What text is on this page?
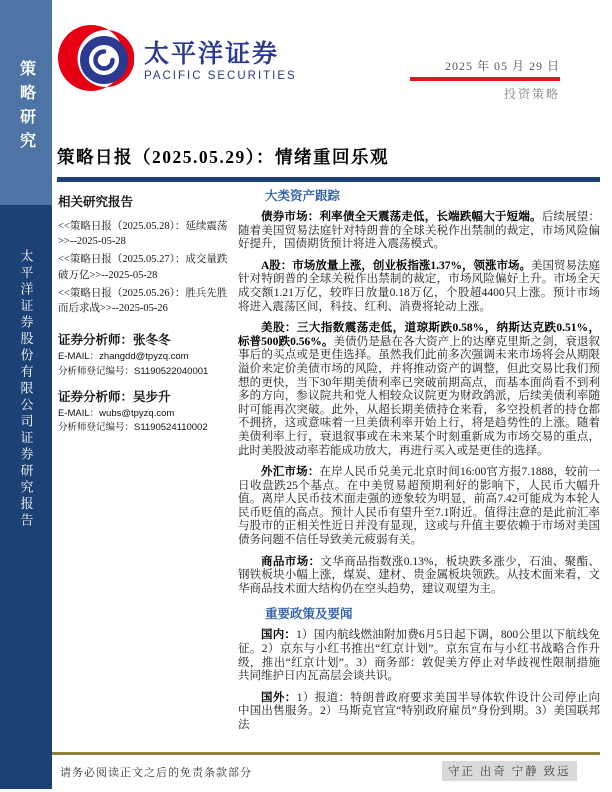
策略研究
太平洋证券股份有限公司证券研究报告
太平洋证券
PACIFIC SECURITIES
2025 年 05 月 29 日
投资策略
策略日报（2025.05.29）：情绪重回乐观
相关研究报告
<<策略日报（2025.05.28）：延续震荡>>--2025-05-28
<<策略日报（2025.05.27）：成交量跌破万亿>>--2025-05-28
<<策略日报（2025.05.26）：胜兵先胜而后求战>>--2025-05-26
证券分析师：张冬冬
E-MAIL：zhangdd@tpyzq.com
分析师登记编号：S1190522040001
证券分析师：吴步升
E-MAIL：wubs@tpyzq.com
分析师登记编号：S1190524110002
大类资产跟踪

债券市场：利率债全天震荡走低，长端跌幅大于短端。后续展望：随着美国贸易法庭针对特朗普的全球关税作出禁制的裁定，市场风险偏好提升，国债期货预计将进入震荡模式。

A股：市场放量上涨，创业板指涨1.37%，领涨市场。美国贸易法庭针对特朗普的全球关税作出禁制的裁定，市场风险偏好上升。市场全天成交额1.21万亿，较昨日放量0.18万亿，个股超4400只上涨。预计市场将进入震荡区间，科技、红利、消费将轮动上涨。

美股：三大指数震荡走低，道琼斯跌0.58%，纳斯达克跌0.51%，标普500跌0.56%。美债仍是悬在各大资产上的达摩克里斯之剑，衰退叙事后的买点或是更佳选择。虽然我们此前多次强调未来市场将会从期限溢价来定价美债市场的风险，并将推动资产的调整，但此交易比我们预想的更快，当下30年期美债利率已突破前期高点，而基本面尚看不到利多的方向，参议院共和党人相较众议院更为财政鸽派，后续美债利率随时可能再次突破。此外，从超长期美债持仓来看，多空投机者的持仓都不拥挤，这或意味着一旦美债利率开始上行，将是趋势性的上涨。随着美债利率上行，衰退叙事或在未来某个时刻重新成为市场交易的重点，此时美股波动率若能成功放大，再进行买入或是更佳的选择。

外汇市场：在岸人民币兑美元北京时间16:00官方报7.1888，较前一日收盘跌25个基点。在中美贸易超预期利好的影响下，人民币大幅升值。离岸人民币技术面走强的迹象较为明显，前高7.42可能成为本轮人民币贬值的高点。预计人民币有望升至7.1附近。值得注意的是此前汇率与股市的正相关性近日并没有显现，这或与升值主要依赖于市场对美国债务问题不信任导致美元疲弱有关。

商品市场：文华商品指数涨0.13%，板块跌多涨少，石油、聚酯、钢铁板块小幅上涨，煤炭、建材、贵金属板块领跌。从技术面来看，文华商品技术面大结构仍在空头趋势，建议观望为主。

重要政策及要闻

国内：1）国内航线燃油附加费6月5日起下调，800公里以下航线免征。2）京东与小红书推出“红京计划”。京东宣布与小红书战略合作升级，推出“红京计划”。3）商务部：敦促美方停止对华歧视性限制措施 共同维护日内瓦高层会谈共识。

国外：1）报道：特朗普政府要求美国半导体软件设计公司停止向中国出售服务。2）马斯克官宣“特别政府雇员”身份到期。3）美国联邦法

请务必阅读正文之后的免责条款部分	守正 出奇 宁静 致远
